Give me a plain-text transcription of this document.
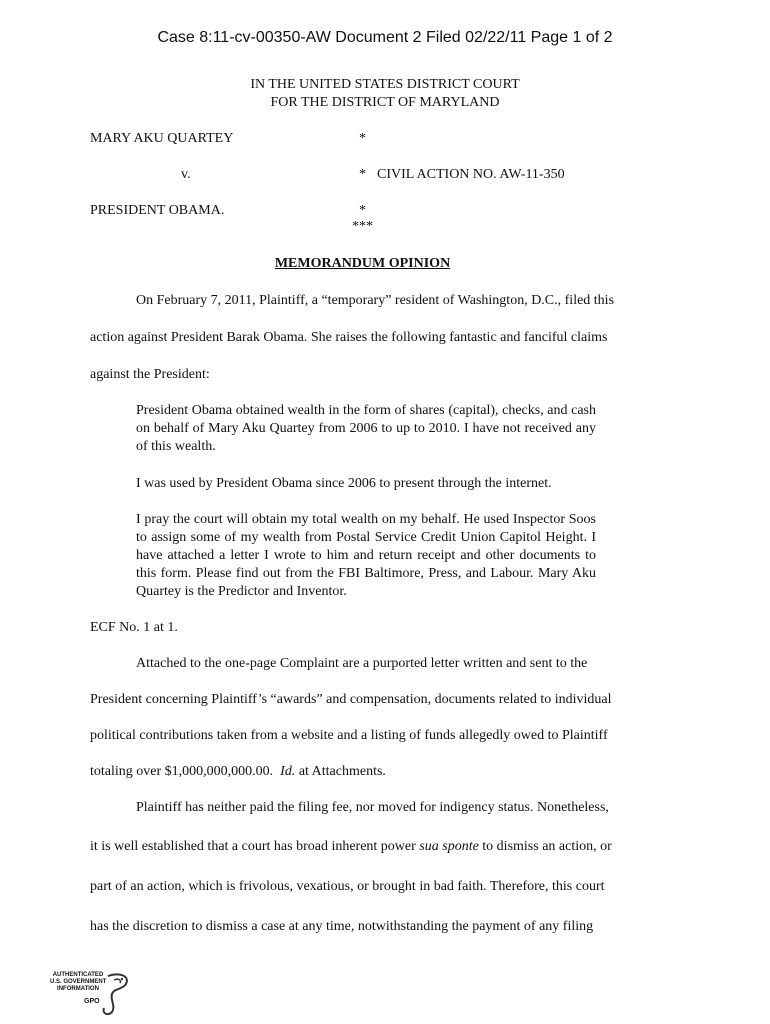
Case 8:11-cv-00350-AW Document 2 Filed 02/22/11 Page 1 of 2
IN THE UNITED STATES DISTRICT COURT
FOR THE DISTRICT OF MARYLAND
MARY AKU QUARTEY	*
v.	* CIVIL ACTION NO. AW-11-350
PRESIDENT OBAMA.	*
***
MEMORANDUM OPINION
On February 7, 2011, Plaintiff, a “temporary” resident of Washington, D.C., filed this
action against President Barak Obama. She raises the following fantastic and fanciful claims
against the President:
President Obama obtained wealth in the form of shares (capital), checks, and cash on behalf of Mary Aku Quartey from 2006 to up to 2010. I have not received any of this wealth.
I was used by President Obama since 2006 to present through the internet.
I pray the court will obtain my total wealth on my behalf. He used Inspector Soos to assign some of my wealth from Postal Service Credit Union Capitol Height. I have attached a letter I wrote to him and return receipt and other documents to this form. Please find out from the FBI Baltimore, Press, and Labour. Mary Aku Quartey is the Predictor and Inventor.
ECF No. 1 at 1.
Attached to the one-page Complaint are a purported letter written and sent to the
President concerning Plaintiff’s “awards” and compensation, documents related to individual
political contributions taken from a website and a listing of funds allegedly owed to Plaintiff
totaling over $1,000,000,000.00.  Id. at Attachments.
Plaintiff has neither paid the filing fee, nor moved for indigency status. Nonetheless,
it is well established that a court has broad inherent power sua sponte to dismiss an action, or
part of an action, which is frivolous, vexatious, or brought in bad faith. Therefore, this court
has the discretion to dismiss a case at any time, notwithstanding the payment of any filing
AUTHENTICATED
U.S. GOVERNMENT
INFORMATION
GPO
